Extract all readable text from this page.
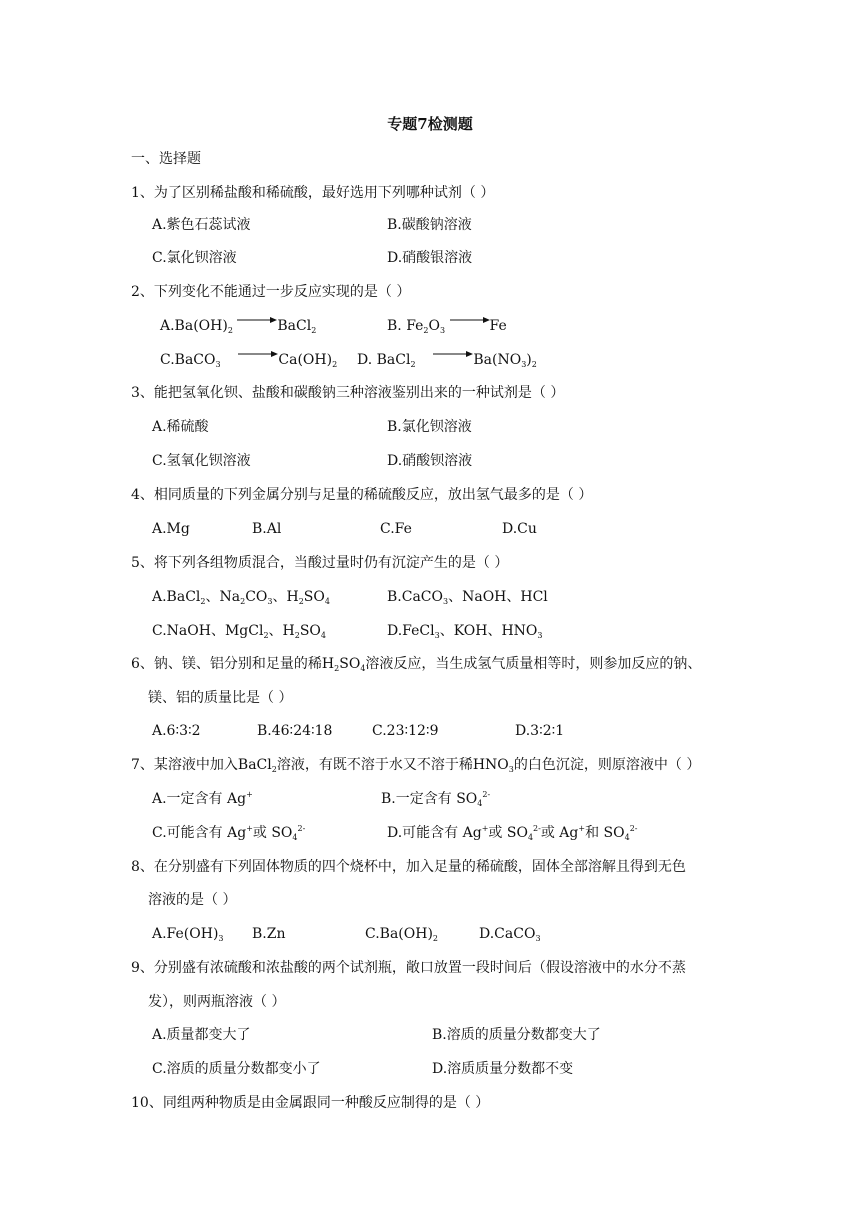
专题7检测题
一、选择题
1、为了区别稀盐酸和稀硫酸，最好选用下列哪种试剂（ ）
A.紫色石蕊试液	B.碳酸钠溶液
C.氯化钡溶液	D.硝酸银溶液
2、下列变化不能通过一步反应实现的是（ ）
$A.Ba(OH)_2$	BaCl$_2$	B. $Fe_2O_3$	Fe
C.BaCO$_3$	$Ca(OH)_2$ D. BaCl$_2$	$Ba(NO_3)_2$
3、能把氢氧化钡、盐酸和碳酸钠三种溶液鉴别出来的一种试剂是（ ）
A.稀硫酸	B.氯化钡溶液
C.氢氧化钡溶液	D.硝酸钡溶液
4、相同质量的下列金属分别与足量的稀硫酸反应，放出氢气最多的是（ ）
A.Mg	B.Al	C.Fe	D.Cu
5、将下列各组物质混合，当酸过量时仍有沉淀产生的是（ ）
A.BaCl$_2$、$Na_2CO_3$、$H_2SO_4$	B.CaCO$_3$、NaOH、HCl
C.NaOH、MgCl$_2$、$H_2SO_4$	D.FeCl$_3$、KOH、$HNO_3$
6、钠、镁、铝分别和足量的稀$H_2SO_4$溶液反应，当生成氢气质量相等时，则参加反应的钠、
镁、铝的质量比是（ ）
A.6∶3∶2	B.46∶24∶18	C.23∶12∶9	D.3∶2∶1
7、某溶液中加入BaCl$_2$溶液，有既不溶于水又不溶于稀$HNO_3$的白色沉淀，则原溶液中（ ）
A.一定含有 Ag+	B.一定含有 $SO_4^{2-}$
C.可能含有 Ag+或 $SO_4^{2-}$	D.可能含有 Ag+或 $SO_4^{2-}$或 Ag+和 $SO_4^{2-}$
8、在分别盛有下列固体物质的四个烧杯中，加入足量的稀硫酸，固体全部溶解且得到无色
溶液的是（ ）
$A.Fe(OH)_3$ B.Zn	$C.Ba(OH)_2$	D.CaCO$_3$
9、分别盛有浓硫酸和浓盐酸的两个试剂瓶，敞口放置一段时间后（假设溶液中的水分不蒸
发），则两瓶溶液（ ）
A.质量都变大了	B.溶质的质量分数都变大了
C.溶质的质量分数都变小了	D.溶质质量分数都不变
10、同组两种物质是由金属跟同一种酸反应制得的是（ ）
